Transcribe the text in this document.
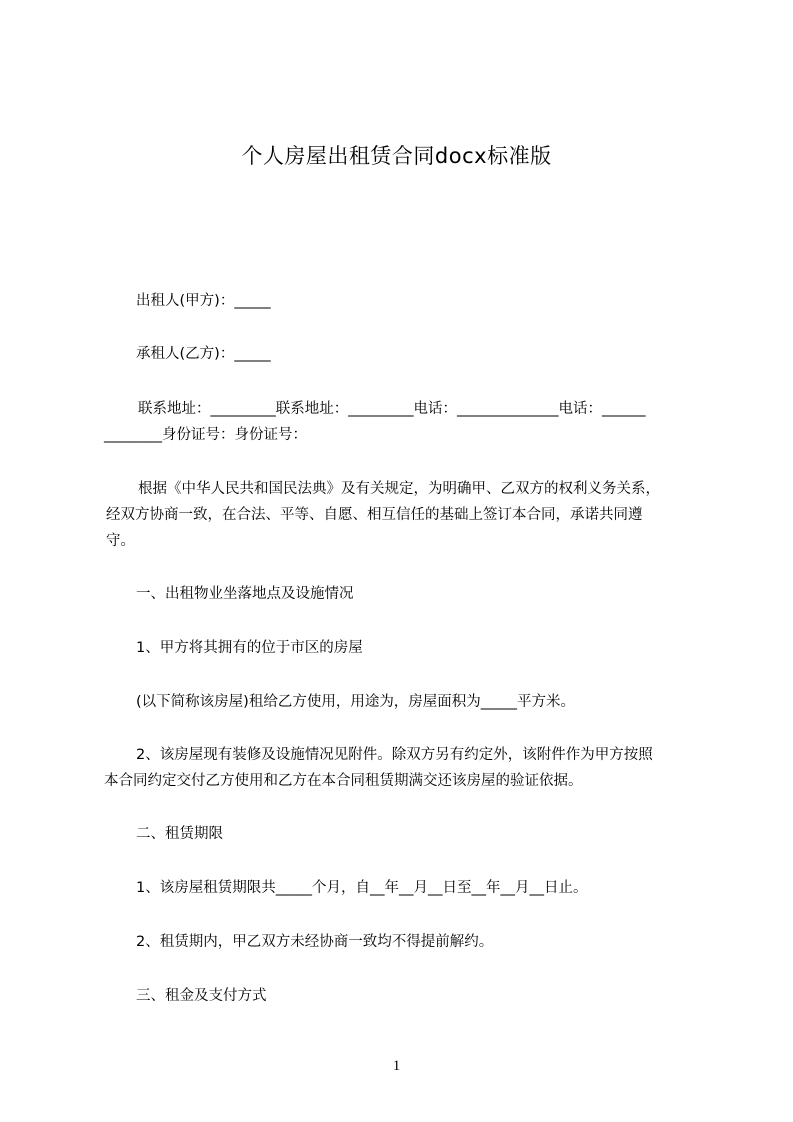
个人房屋出租赁合同docx标准版
出租人(甲方)：_____
承租人(乙方)：_____
联系地址：_________联系地址：_________电话：______________电话：______
________身份证号：身份证号：
根据《中华人民共和国民法典》及有关规定，为明确甲、乙双方的权利义务关系，
经双方协商一致，在合法、平等、自愿、相互信任的基础上签订本合同，承诺共同遵
守。
一、出租物业坐落地点及设施情况
1、甲方将其拥有的位于市区的房屋
(以下简称该房屋)租给乙方使用，用途为，房屋面积为_____平方米。
2、该房屋现有装修及设施情况见附件。除双方另有约定外，该附件作为甲方按照
本合同约定交付乙方使用和乙方在本合同租赁期满交还该房屋的验证依据。
二、租赁期限
1、该房屋租赁期限共_____个月，自__年__月__日至__年__月__日止。
2、租赁期内，甲乙双方未经协商一致均不得提前解约。
三、租金及支付方式
1
